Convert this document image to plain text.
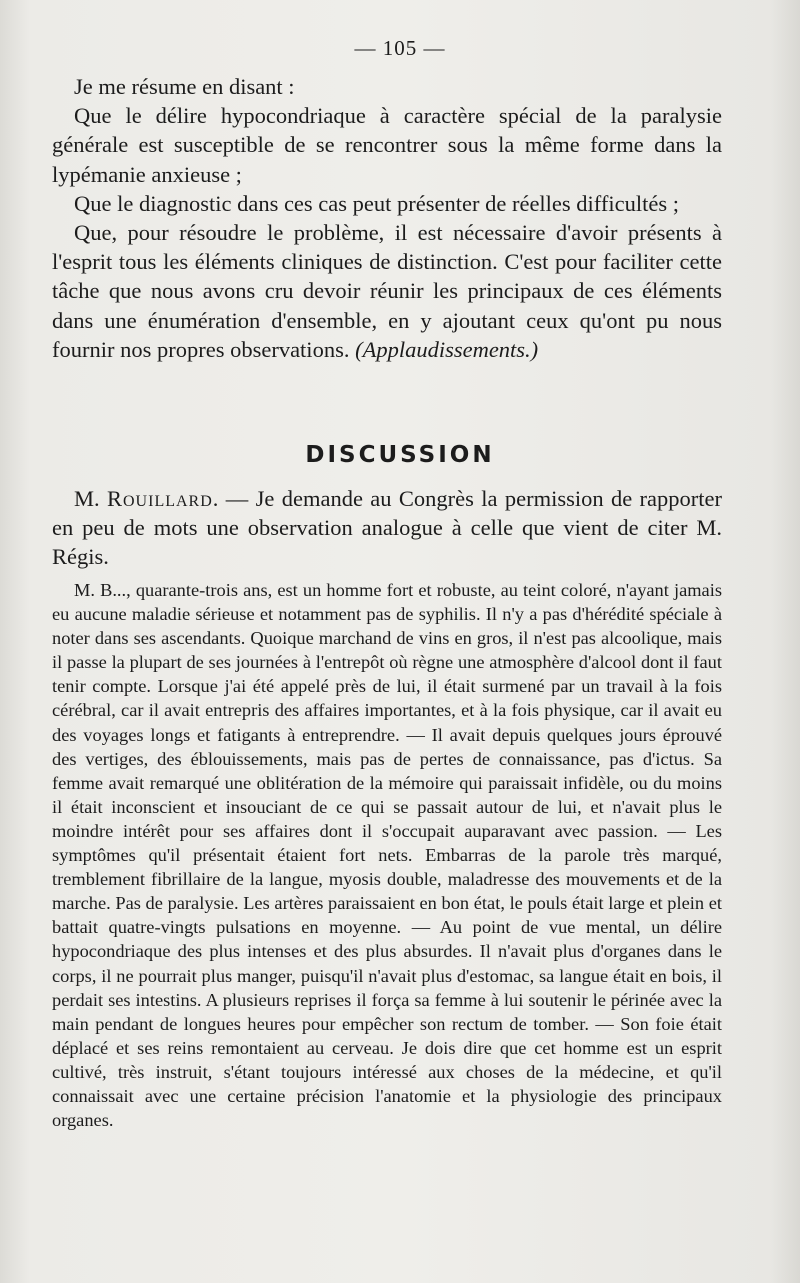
— 105 —

Je me résume en disant :

Que le délire hypocondriaque à caractère spécial de la paralysie générale est susceptible de se rencontrer sous la même forme dans la lypémanie anxieuse ;

Que le diagnostic dans ces cas peut présenter de réelles difficultés ;

Que, pour résoudre le problème, il est nécessaire d'avoir présents à l'esprit tous les éléments cliniques de distinction. C'est pour faciliter cette tâche que nous avons cru devoir réunir les principaux de ces éléments dans une énumération d'ensemble, en y ajoutant ceux qu'ont pu nous fournir nos propres observations. (Applaudissements.)

DISCUSSION

M. Rouillard. — Je demande au Congrès la permission de rapporter en peu de mots une observation analogue à celle que vient de citer M. Régis.

M. B..., quarante-trois ans, est un homme fort et robuste, au teint coloré, n'ayant jamais eu aucune maladie sérieuse et notamment pas de syphilis. Il n'y a pas d'hérédité spéciale à noter dans ses ascendants. Quoique marchand de vins en gros, il n'est pas alcoolique, mais il passe la plupart de ses journées à l'entrepôt où règne une atmosphère d'alcool dont il faut tenir compte. Lorsque j'ai été appelé près de lui, il était surmené par un travail à la fois cérébral, car il avait entrepris des affaires importantes, et à la fois physique, car il avait eu des voyages longs et fatigants à entreprendre. — Il avait depuis quelques jours éprouvé des vertiges, des éblouissements, mais pas de pertes de connaissance, pas d'ictus. Sa femme avait remarqué une oblitération de la mémoire qui paraissait infidèle, ou du moins il était inconscient et insouciant de ce qui se passait autour de lui, et n'avait plus le moindre intérêt pour ses affaires dont il s'occupait auparavant avec passion. — Les symptômes qu'il présentait étaient fort nets. Embarras de la parole très marqué, tremblement fibrillaire de la langue, myosis double, maladresse des mouvements et de la marche. Pas de paralysie. Les artères paraissaient en bon état, le pouls était large et plein et battait quatre-vingts pulsations en moyenne. — Au point de vue mental, un délire hypocondriaque des plus intenses et des plus absurdes. Il n'avait plus d'organes dans le corps, il ne pourrait plus manger, puisqu'il n'avait plus d'estomac, sa langue était en bois, il perdait ses intestins. A plusieurs reprises il força sa femme à lui soutenir le périnée avec la main pendant de longues heures pour empêcher son rectum de tomber. — Son foie était déplacé et ses reins remontaient au cerveau. Je dois dire que cet homme est un esprit cultivé, très instruit, s'étant toujours intéressé aux choses de la médecine, et qu'il connaissait avec une certaine précision l'anatomie et la physiologie des principaux organes.
